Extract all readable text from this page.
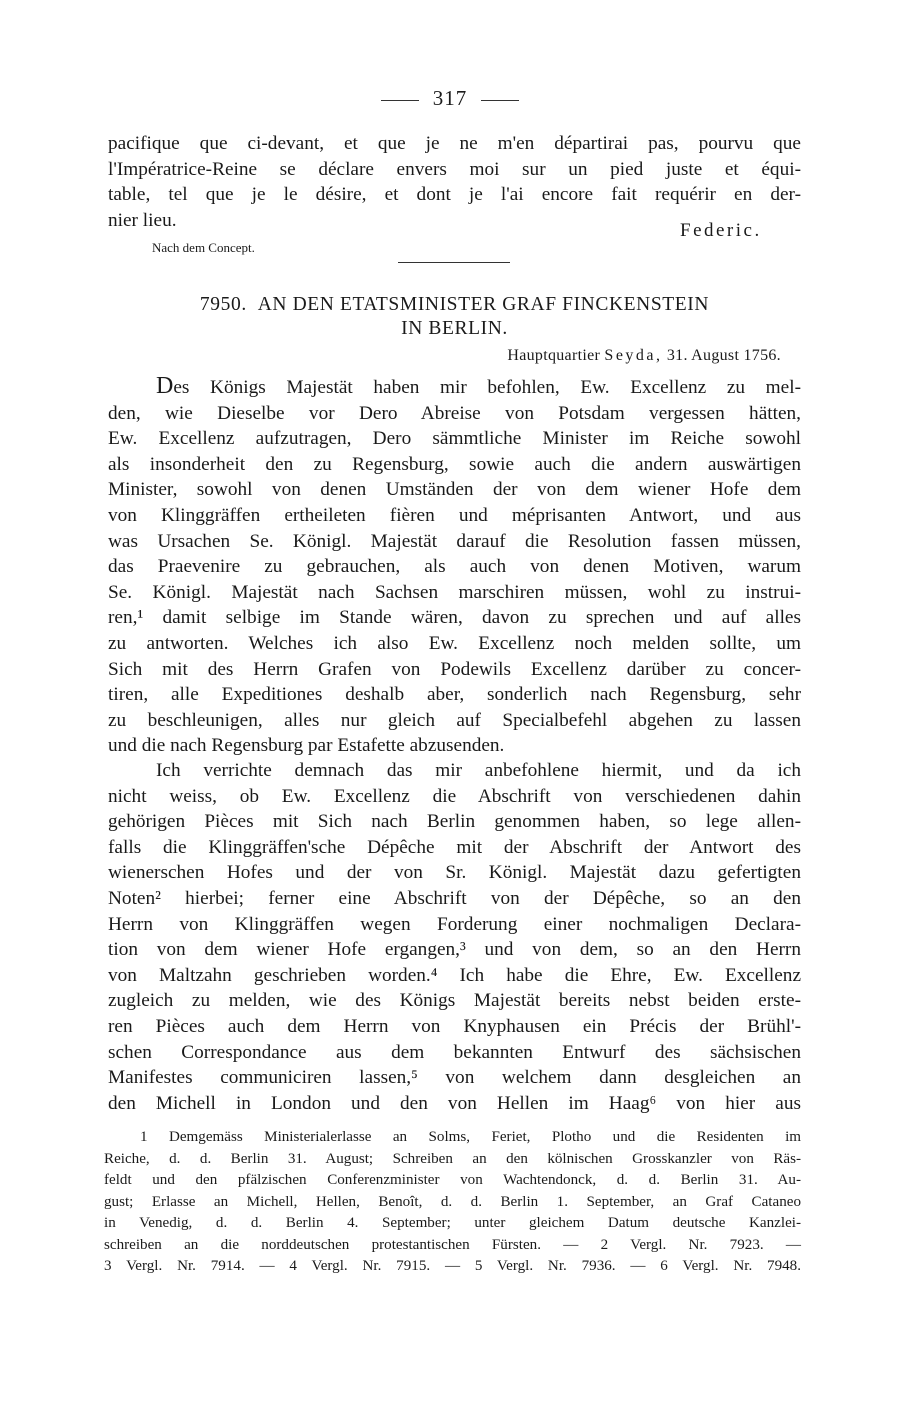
317
pacifique que ci-devant, et que je ne m'en départirai pas, pourvu que
l'Impératrice-Reine se déclare envers moi sur un pied juste et équi-
table, tel que je le désire, et dont je l'ai encore fait requérir en der-
nier lieu.	Federic.
Nach dem Concept.
7950. AN DEN ETATSMINISTER GRAF FINCKENSTEIN
IN BERLIN.
Hauptquartier Seyda, 31. August 1756.
Des Königs Majestät haben mir befohlen, Ew. Excellenz zu mel-
den, wie Dieselbe vor Dero Abreise von Potsdam vergessen hätten,
Ew. Excellenz aufzutragen, Dero sämmtliche Minister im Reiche sowohl
als insonderheit den zu Regensburg, sowie auch die andern auswärtigen
Minister, sowohl von denen Umständen der von dem wiener Hofe dem
von Klinggräffen ertheileten fièren und méprisanten Antwort, und aus
was Ursachen Se. Königl. Majestät darauf die Resolution fassen müssen,
das Praevenire zu gebrauchen, als auch von denen Motiven, warum
Se. Königl. Majestät nach Sachsen marschiren müssen, wohl zu instrui-
ren,¹ damit selbige im Stande wären, davon zu sprechen und auf alles
zu antworten. Welches ich also Ew. Excellenz noch melden sollte, um
Sich mit des Herrn Grafen von Podewils Excellenz darüber zu concer-
tiren, alle Expeditiones deshalb aber, sonderlich nach Regensburg, sehr
zu beschleunigen, alles nur gleich auf Specialbefehl abgehen zu lassen
und die nach Regensburg par Estafette abzusenden.
Ich verrichte demnach das mir anbefohlene hiermit, und da ich
nicht weiss, ob Ew. Excellenz die Abschrift von verschiedenen dahin
gehörigen Pièces mit Sich nach Berlin genommen haben, so lege allen-
falls die Klinggräffen'sche Dépêche mit der Abschrift der Antwort des
wienerschen Hofes und der von Sr. Königl. Majestät dazu gefertigten
Noten² hierbei; ferner eine Abschrift von der Dépêche, so an den
Herrn von Klinggräffen wegen Forderung einer nochmaligen Declara-
tion von dem wiener Hofe ergangen,³ und von dem, so an den Herrn
von Maltzahn geschrieben worden.⁴ Ich habe die Ehre, Ew. Excellenz
zugleich zu melden, wie des Königs Majestät bereits nebst beiden erste-
ren Pièces auch dem Herrn von Knyphausen ein Précis der Brühl'-
schen Correspondance aus dem bekannten Entwurf des sächsischen
Manifestes communiciren lassen,⁵ von welchem dann desgleichen an
den Michell in London und den von Hellen im Haag⁶ von hier aus
1 Demgemäss Ministerialerlasse an Solms, Feriet, Plotho und die Residenten im
Reiche, d. d. Berlin 31. August; Schreiben an den kölnischen Grosskanzler von Räs-
feldt und den pfälzischen Conferenzminister von Wachtendonck, d. d. Berlin 31. Au-
gust; Erlasse an Michell, Hellen, Benoît, d. d. Berlin 1. September, an Graf Cataneo
in Venedig, d. d. Berlin 4. September; unter gleichem Datum deutsche Kanzlei-
schreiben an die norddeutschen protestantischen Fürsten. — 2 Vergl. Nr. 7923. —
3 Vergl. Nr. 7914. — 4 Vergl. Nr. 7915. — 5 Vergl. Nr. 7936. — 6 Vergl. Nr. 7948.
